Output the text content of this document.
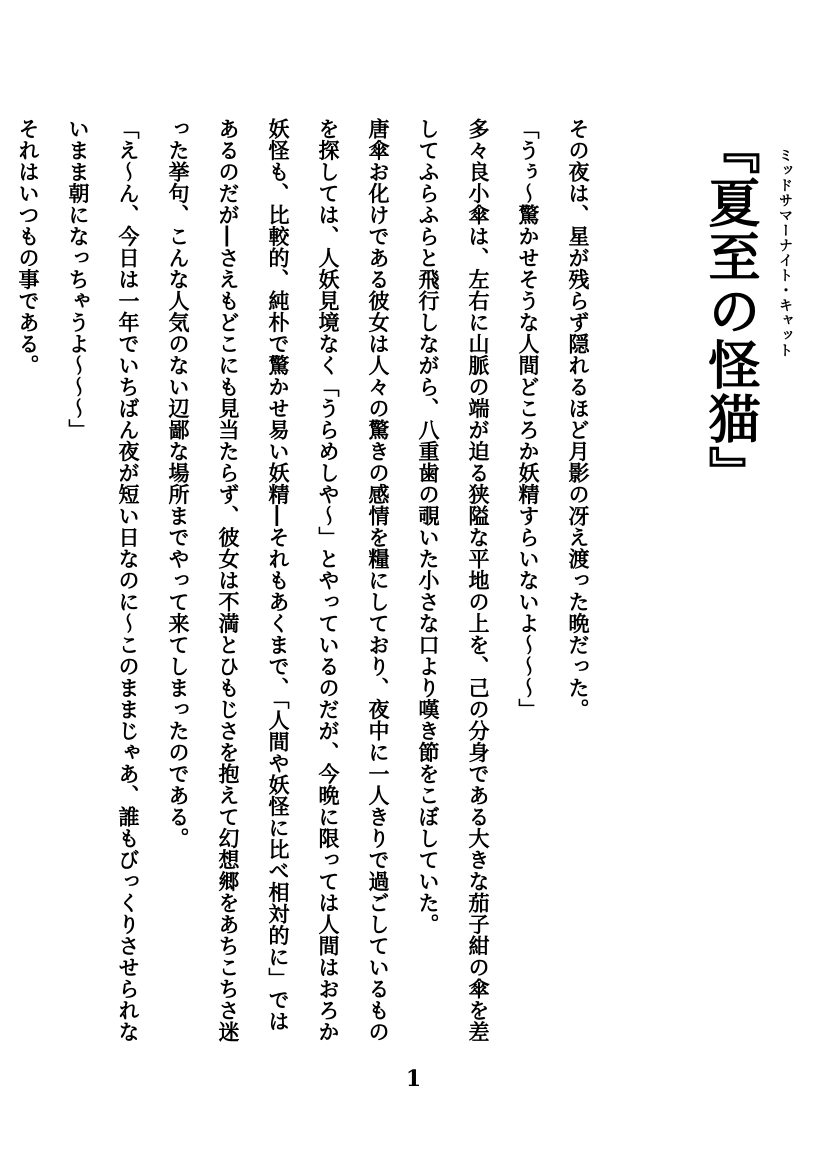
ミッドサマーナイト・キャット
『夏至の怪猫』

その夜は、星が残らず隠れるほど月影の冴え渡った晩だった。

「うぅ〜驚かせそうな人間どころか妖精すらいないよ〜〜〜」

多々良小傘は、左右に山脈の端が迫る狭隘な平地の上を、己の分身である大きな茄子紺の傘を差してふらふらと飛行しながら、八重歯の覗いた小さな口より嘆き節をこぼしていた。

唐傘お化けである彼女は人々の驚きの感情を糧にしており、夜中に一人きりで過ごしているものを探しては、人妖見境なく「うらめしや〜」とやっているのだが、今晩に限っては人間はおろか妖怪も、比較的、純朴で驚かせ易い妖精―それもあくまで、「人間や妖怪に比べ相対的に」ではあるのだが―さえもどこにも見当たらず、彼女は不満とひもじさを抱えて幻想郷をあちこちさ迷った挙句、こんな人気のない辺鄙な場所までやって来てしまったのである。

「え〜ん、今日は一年でいちばん夜が短い日なのに〜このままじゃあ、誰もびっくりさせられないまま朝になっちゃうよ〜〜〜」

それはいつもの事である。

1
